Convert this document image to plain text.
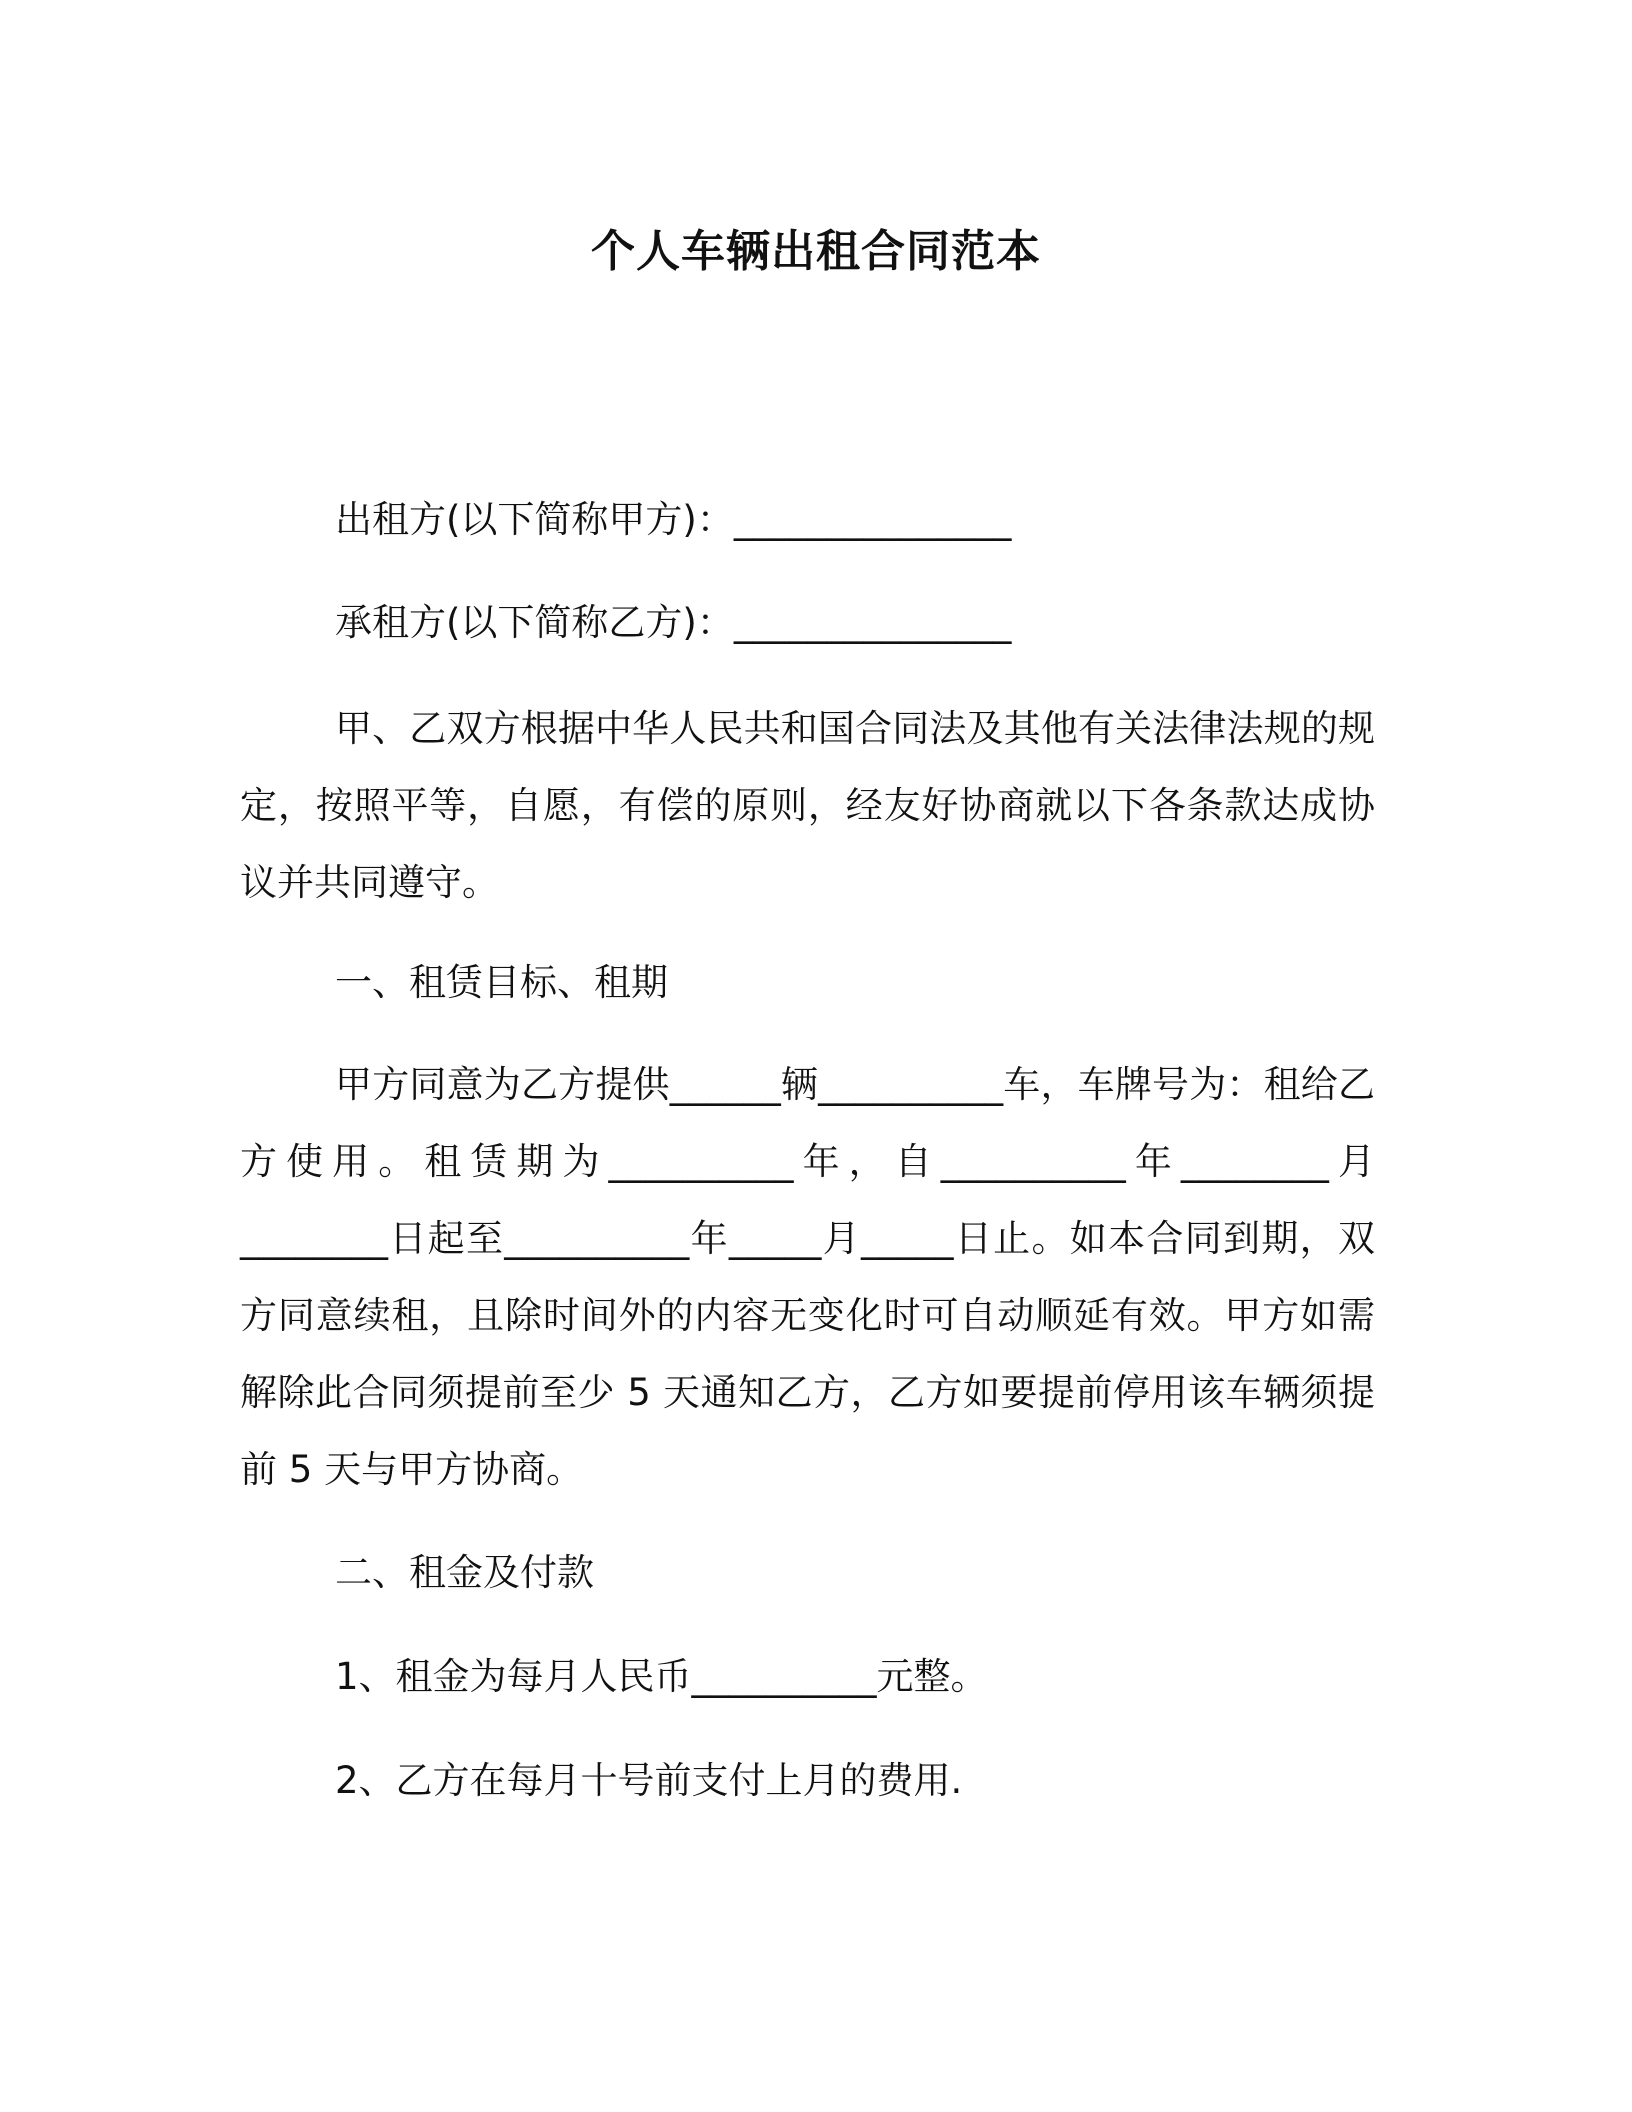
个人车辆出租合同范本
出租方(以下简称甲方)：_______________
承租方(以下简称乙方)：_______________
甲、乙双方根据中华人民共和国合同法及其他有关法律法规的规定，按照平等，自愿，有偿的原则，经友好协商就以下各条款达成协议并共同遵守。
一、租赁目标、租期
甲方同意为乙方提供______辆__________车，车牌号为：租给乙方使用。租赁期为__________年，自__________年________月________日起至__________年_____月_____日止。如本合同到期，双方同意续租，且除时间外的内容无变化时可自动顺延有效。甲方如需解除此合同须提前至少 5 天通知乙方，乙方如要提前停用该车辆须提前 5 天与甲方协商。
二、租金及付款
1、租金为每月人民币__________元整。
2、乙方在每月十号前支付上月的费用.
